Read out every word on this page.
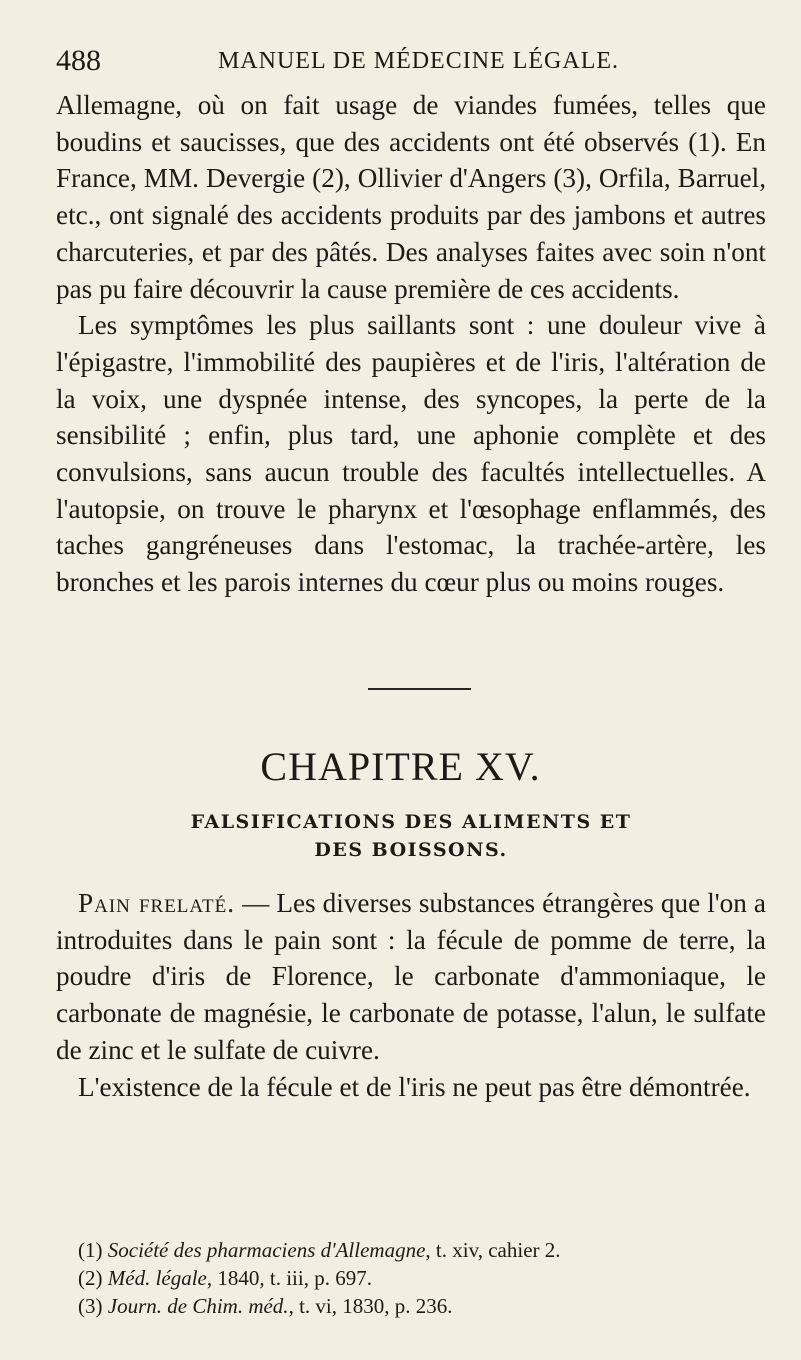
488	MANUEL DE MÉDECINE LÉGALE.

Allemagne, où on fait usage de viandes fumées, telles que boudins et saucisses, que des accidents ont été observés (1). En France, MM. Devergie (2), Ollivier d'Angers (3), Orfila, Barruel, etc., ont signalé des accidents produits par des jambons et autres charcuteries, et par des pâtés. Des analyses faites avec soin n'ont pas pu faire découvrir la cause première de ces accidents.

Les symptômes les plus saillants sont : une douleur vive à l'épigastre, l'immobilité des paupières et de l'iris, l'altération de la voix, une dyspnée intense, des syncopes, la perte de la sensibilité ; enfin, plus tard, une aphonie complète et des convulsions, sans aucun trouble des facultés intellectuelles. A l'autopsie, on trouve le pharynx et l'œsophage enflammés, des taches gangréneuses dans l'estomac, la trachée-artère, les bronches et les parois internes du cœur plus ou moins rouges.

CHAPITRE XV.
FALSIFICATIONS DES ALIMENTS ET
DES BOISSONS.

Pain frelaté. — Les diverses substances étrangères que l'on a introduites dans le pain sont : la fécule de pomme de terre, la poudre d'iris de Florence, le carbonate d'ammoniaque, le carbonate de magnésie, le carbonate de potasse, l'alun, le sulfate de zinc et le sulfate de cuivre.

L'existence de la fécule et de l'iris ne peut pas être démontrée.

(1) Société des pharmaciens d'Allemagne, t. xiv, cahier 2.
(2) Méd. légale, 1840, t. iii, p. 697.
(3) Journ. de Chim. méd., t. vi, 1830, p. 236.
